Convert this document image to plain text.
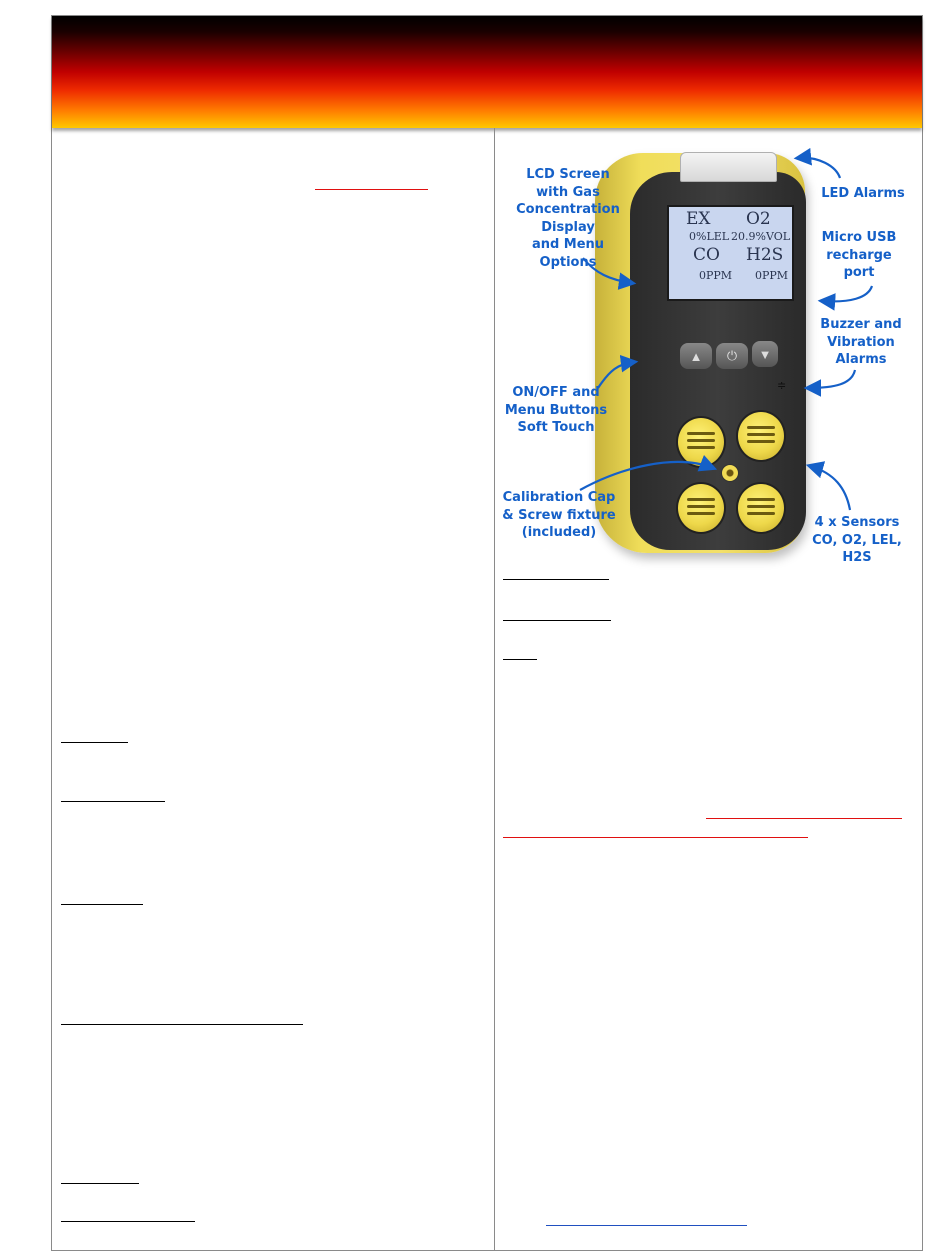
EX O2
0%LEL 20.9%VOL
CO H2S
0PPM 0PPM
▲ ⏻ ▼
≑
LCD Screen
with Gas
Concentration
Display
and Menu Options
LED Alarms
Micro USB
recharge
port
Buzzer and
Vibration
Alarms
ON/OFF and
Menu Buttons
Soft Touch
Calibration Cap
& Screw fixture
(included)
4 x Sensors
CO, O2, LEL, H2S
